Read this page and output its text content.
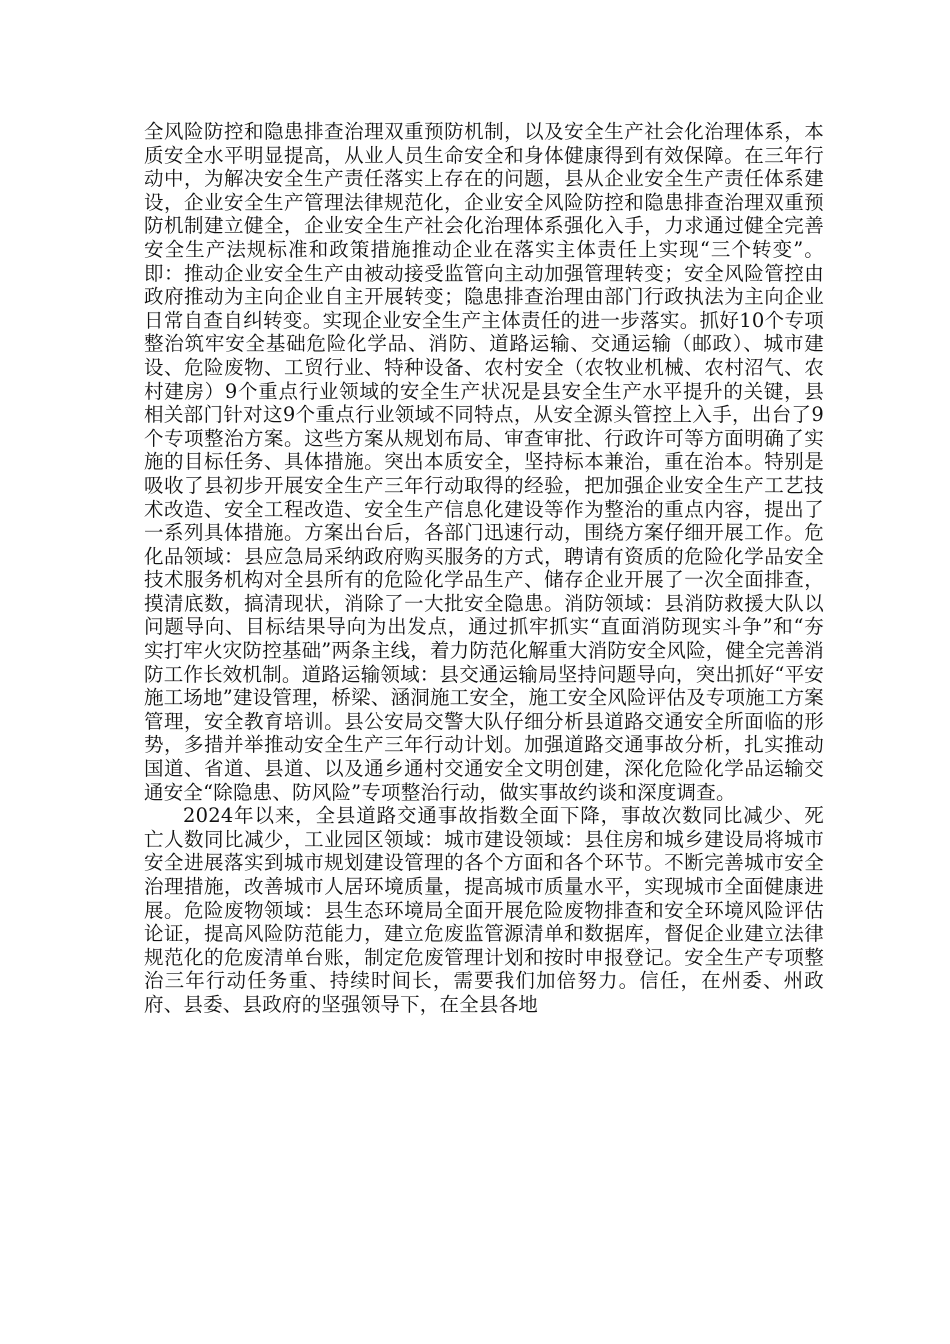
全风险防控和隐患排查治理双重预防机制，以及安全生产社会化治理体系，本质安全水平明显提高，从业人员生命安全和身体健康得到有效保障。在三年行动中，为解决安全生产责任落实上存在的问题，县从企业安全生产责任体系建设，企业安全生产管理法律规范化，企业安全风险防控和隐患排查治理双重预防机制建立健全，企业安全生产社会化治理体系强化入手，力求通过健全完善安全生产法规标准和政策措施推动企业在落实主体责任上实现“三个转变”。即：推动企业安全生产由被动接受监管向主动加强管理转变；安全风险管控由政府推动为主向企业自主开展转变；隐患排查治理由部门行政执法为主向企业日常自查自纠转变。实现企业安全生产主体责任的进一步落实。抓好10个专项整治筑牢安全基础危险化学品、消防、道路运输、交通运输（邮政）、城市建设、危险废物、工贸行业、特种设备、农村安全（农牧业机械、农村沼气、农村建房）9个重点行业领域的安全生产状况是县安全生产水平提升的关键，县相关部门针对这9个重点行业领域不同特点，从安全源头管控上入手，出台了9个专项整治方案。这些方案从规划布局、审查审批、行政许可等方面明确了实施的目标任务、具体措施。突出本质安全，坚持标本兼治，重在治本。特别是吸收了县初步开展安全生产三年行动取得的经验，把加强企业安全生产工艺技术改造、安全工程改造、安全生产信息化建设等作为整治的重点内容，提出了一系列具体措施。方案出台后，各部门迅速行动，围绕方案仔细开展工作。危化品领域：县应急局采纳政府购买服务的方式，聘请有资质的危险化学品安全技术服务机构对全县所有的危险化学品生产、储存企业开展了一次全面排查，摸清底数，搞清现状，消除了一大批安全隐患。消防领域：县消防救援大队以问题导向、目标结果导向为出发点，通过抓牢抓实“直面消防现实斗争”和“夯实打牢火灾防控基础”两条主线，着力防范化解重大消防安全风险，健全完善消防工作长效机制。道路运输领域：县交通运输局坚持问题导向，突出抓好“平安施工场地”建设管理，桥梁、涵洞施工安全，施工安全风险评估及专项施工方案管理，安全教育培训。县公安局交警大队仔细分析县道路交通安全所面临的形势，多措并举推动安全生产三年行动计划。加强道路交通事故分析，扎实推动国道、省道、县道、以及通乡通村交通安全文明创建，深化危险化学品运输交通安全“除隐患、防风险”专项整治行动，做实事故约谈和深度调查。

2024年以来，全县道路交通事故指数全面下降，事故次数同比减少、死亡人数同比减少，工业园区领域：城市建设领域：县住房和城乡建设局将城市安全进展落实到城市规划建设管理的各个方面和各个环节。不断完善城市安全治理措施，改善城市人居环境质量，提高城市质量水平，实现城市全面健康进展。危险废物领域：县生态环境局全面开展危险废物排查和安全环境风险评估论证，提高风险防范能力，建立危废监管源清单和数据库，督促企业建立法律规范化的危废清单台账，制定危废管理计划和按时申报登记。安全生产专项整治三年行动任务重、持续时间长，需要我们加倍努力。信任，在州委、州政府、县委、县政府的坚强领导下，在全县各地
